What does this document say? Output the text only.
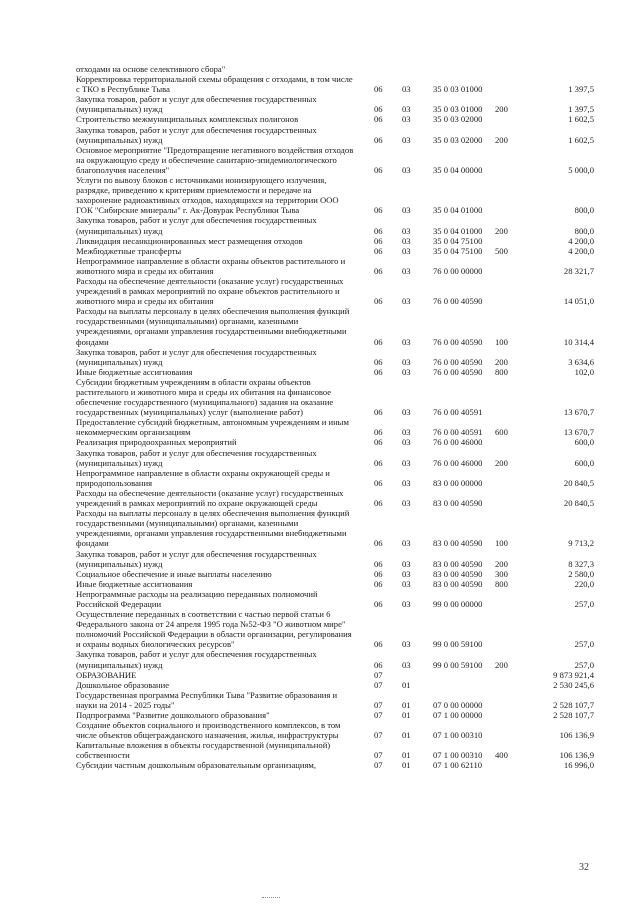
отходами на основе селективного сбора"
Корректировка территориальной схемы обращения с отходами, в том числе
с ТКО в Республике Тыва	06	03	35 0 03 01000	1 397,5
Закупка товаров, работ и услуг для обеспечения государственных
(муниципальных) нужд	06	03	35 0 03 01000	200	1 397,5
Строительство межмуниципальных комплексных полигонов	06	03	35 0 03 02000	1 602,5
Закупка товаров, работ и услуг для обеспечения государственных
(муниципальных) нужд	06	03	35 0 03 02000	200	1 602,5
Основное мероприятие "Предотвращение негативного воздействия отходов
на окружающую среду и обеспечение санитарно-эпидемиологического
благополучия населения"	06	03	35 0 04 00000	5 000,0
Услуги по вывозу блоков с источниками ионизирующего излучения,
разрядке, приведению к критериям приемлемости и передаче на
захоронение радиоактивных отходов, находящихся на территории ООО
ГОК "Сибирские минералы" г. Ак-Довурак Республики Тыва	06	03	35 0 04 01000	800,0
Закупка товаров, работ и услуг для обеспечения государственных
(муниципальных) нужд	06	03	35 0 04 01000	200	800,0
Ликвидация несанкционированных мест размещения отходов	06	03	35 0 04 75100	4 200,0
Межбюджетные трансферты	06	03	35 0 04 75100	500	4 200,0
Непрограммное направление в области охраны объектов растительного и
животного мира и среды их обитания	06	03	76 0 00 00000	28 321,7
Расходы на обеспечение деятельности (оказание услуг) государственных
учреждений в рамках мероприятий по охране объектов растительного и
животного мира и среды их обитания	06	03	76 0 00 40590	14 051,0
Расходы на выплаты персоналу в целях обеспечения выполнения функций
государственными (муниципальными) органами, казенными
учреждениями, органами управления государственными внебюджетными
фондами	06	03	76 0 00 40590	100	10 314,4
Закупка товаров, работ и услуг для обеспечения государственных
(муниципальных) нужд	06	03	76 0 00 40590	200	3 634,6
Иные бюджетные ассигнования	06	03	76 0 00 40590	800	102,0
Субсидии бюджетным учреждениям в области охраны объектов
растительного и животного мира и среды их обитания на финансовое
обеспечение государственного (муниципального) задания на оказание
государственных (муниципальных) услуг (выполнение работ)	06	03	76 0 00 40591	13 670,7
Предоставление субсидий бюджетным, автономным учреждениям и иным
некоммерческим организациям	06	03	76 0 00 40591	600	13 670,7
Реализация природоохранных мероприятий	06	03	76 0 00 46000	600,0
Закупка товаров, работ и услуг для обеспечения государственных
(муниципальных) нужд	06	03	76 0 00 46000	200	600,0
Непрограммное направление в области охраны окружающей среды и
природопользования	06	03	83 0 00 00000	20 840,5
Расходы на обеспечение деятельности (оказание услуг) государственных
учреждений в рамках мероприятий по охране окружающей среды	06	03	83 0 00 40590	20 840,5
Расходы на выплаты персоналу в целях обеспечения выполнения функций
государственными (муниципальными) органами, казенными
учреждениями, органами управления государственными внебюджетными
фондами	06	03	83 0 00 40590	100	9 713,2
Закупка товаров, работ и услуг для обеспечения государственных
(муниципальных) нужд	06	03	83 0 00 40590	200	8 327,3
Социальное обеспечение и иные выплаты населению	06	03	83 0 00 40590	300	2 580,0
Иные бюджетные ассигнования	06	03	83 0 00 40590	800	220,0
Непрограммные расходы на реализацию переданных полномочий
Российской Федерации	06	03	99 0 00 00000	257,0
Осуществление переданных в соответствии с частью первой статьи 6
Федерального закона от 24 апреля 1995 года №52-ФЗ "О животном мире"
полномочий Российской Федерации в области организации, регулирования
и охраны водных биологических ресурсов"	06	03	99 0 00 59100	257,0
Закупка товаров, работ и услуг для обеспечения государственных
(муниципальных) нужд	06	03	99 0 00 59100	200	257,0
ОБРАЗОВАНИЕ	07	9 873 921,4
Дошкольное образование	07	01	2 530 245,6
Государственная программа Республики Тыва "Развитие образования и
науки на 2014 - 2025 годы"	07	01	07 0 00 00000	2 528 107,7
Подпрограмма "Развитие дошкольного образования"	07	01	07 1 00 00000	2 528 107,7
Создание объектов социального и производственного комплексов, в том
числе объектов общегражданского назначения, жилья, инфраструктуры	07	01	07 1 00 00310	106 136,9
Капитальные вложения в объекты государственной (муниципальной)
собственности	07	01	07 1 00 00310	400	106 136,9
Субсидии частным дошкольным образовательным организациям,	07	01	07 1 00 62110	16 996,0
32
